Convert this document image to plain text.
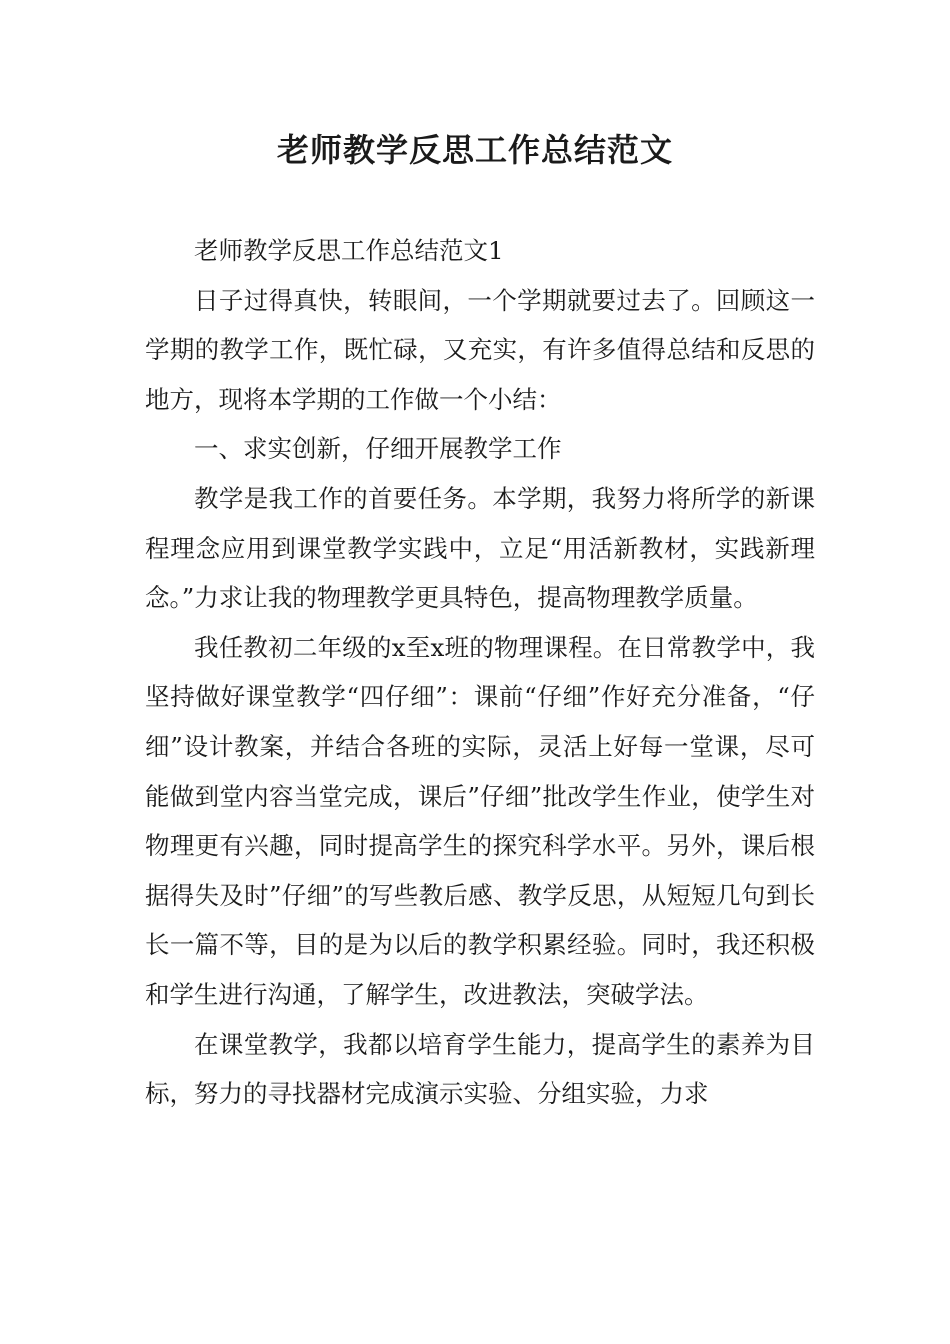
老师教学反思工作总结范文

老师教学反思工作总结范文1

日子过得真快，转眼间，一个学期就要过去了。回顾这一学期的教学工作，既忙碌，又充实，有许多值得总结和反思的地方，现将本学期的工作做一个小结：

一、求实创新，仔细开展教学工作

教学是我工作的首要任务。本学期，我努力将所学的新课程理念应用到课堂教学实践中，立足“用活新教材，实践新理念。”力求让我的物理教学更具特色，提高物理教学质量。

我任教初二年级的x至x班的物理课程。在日常教学中，我坚持做好课堂教学“四仔细”：课前“仔细”作好充分准备，“仔细”设计教案，并结合各班的实际，灵活上好每一堂课，尽可能做到堂内容当堂完成，课后”仔细”批改学生作业，使学生对物理更有兴趣，同时提高学生的探究科学水平。另外，课后根据得失及时”仔细”的写些教后感、教学反思，从短短几句到长长一篇不等，目的是为以后的教学积累经验。同时，我还积极和学生进行沟通，了解学生，改进教法，突破学法。

在课堂教学，我都以培育学生能力，提高学生的素养为目标，努力的寻找器材完成演示实验、分组实验，力求
